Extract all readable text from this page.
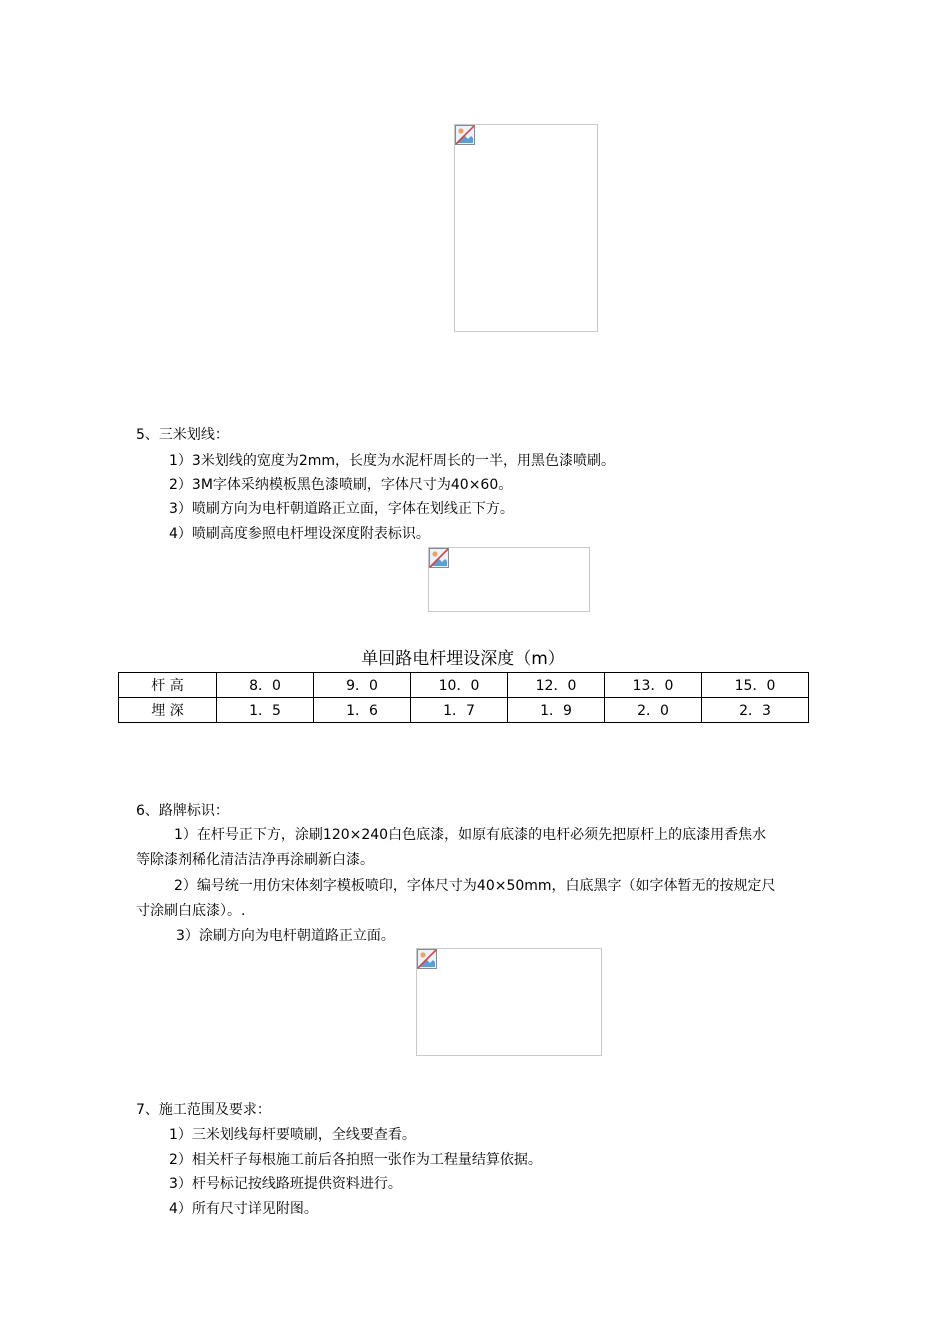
5、三米划线：
1）3米划线的宽度为2mm，长度为水泥杆周长的一半，用黑色漆喷刷。
2）3M字体采纳模板黑色漆喷刷，字体尺寸为40×60。
3）喷刷方向为电杆朝道路正立面，字体在划线正下方。
4）喷刷高度参照电杆埋设深度附表标识。
单回路电杆埋设深度（m）
杆 高	8．0	9．0	10．0	12．0	13．0	15．0
埋 深	1．5	1．6	1．7	1．9	2．0	2．3
6、路牌标识：
1）在杆号正下方，涂刷120×240白色底漆，如原有底漆的电杆必须先把原杆上的底漆用香焦水
等除漆剂稀化清洁洁净再涂刷新白漆。
2）编号统一用仿宋体刻字模板喷印，字体尺寸为40×50mm，白底黑字（如字体暂无的按规定尺
寸涂刷白底漆）。.
3）涂刷方向为电杆朝道路正立面。
7、施工范围及要求：
1）三米划线每杆要喷刷，全线要查看。
2）相关杆子每根施工前后各拍照一张作为工程量结算依据。
3）杆号标记按线路班提供资料进行。
4）所有尺寸详见附图。
